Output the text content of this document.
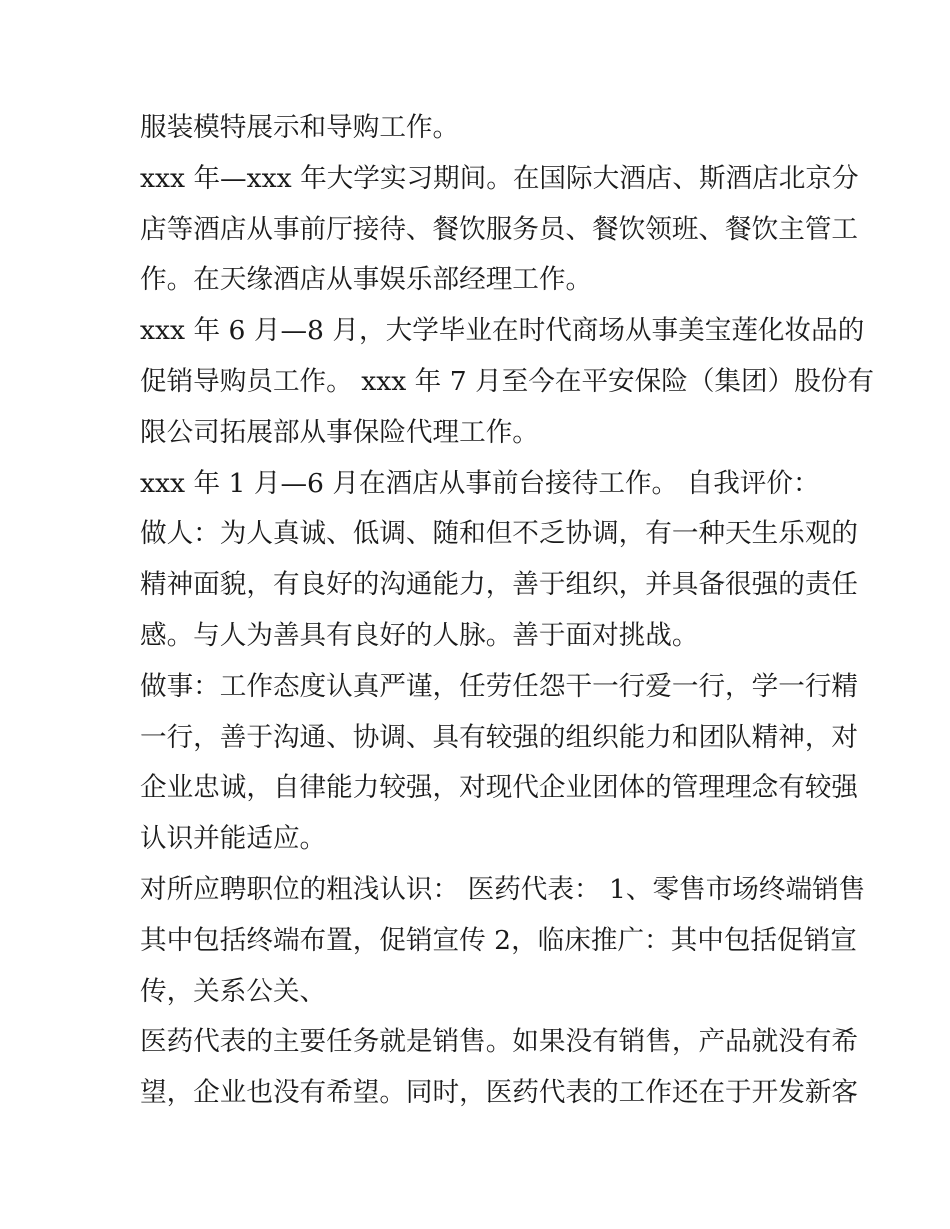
服装模特展示和导购工作。
xxx 年—xxx 年大学实习期间。在国际大酒店、斯酒店北京分
店等酒店从事前厅接待、餐饮服务员、餐饮领班、餐饮主管工
作。在天缘酒店从事娱乐部经理工作。
xxx 年 6 月—8 月，大学毕业在时代商场从事美宝莲化妆品的
促销导购员工作。 xxx 年 7 月至今在平安保险（集团）股份有
限公司拓展部从事保险代理工作。
xxx 年 1 月—6 月在酒店从事前台接待工作。 自我评价：
做人：为人真诚、低调、随和但不乏协调，有一种天生乐观的
精神面貌，有良好的沟通能力，善于组织，并具备很强的责任
感。与人为善具有良好的人脉。善于面对挑战。
做事：工作态度认真严谨，任劳任怨干一行爱一行，学一行精
一行，善于沟通、协调、具有较强的组织能力和团队精神，对
企业忠诚，自律能力较强，对现代企业团体的管理理念有较强
认识并能适应。
对所应聘职位的粗浅认识： 医药代表： 1、零售市场终端销售
其中包括终端布置，促销宣传 2，临床推广：其中包括促销宣
传，关系公关、
医药代表的主要任务就是销售。如果没有销售，产品就没有希
望，企业也没有希望。同时，医药代表的工作还在于开发新客
